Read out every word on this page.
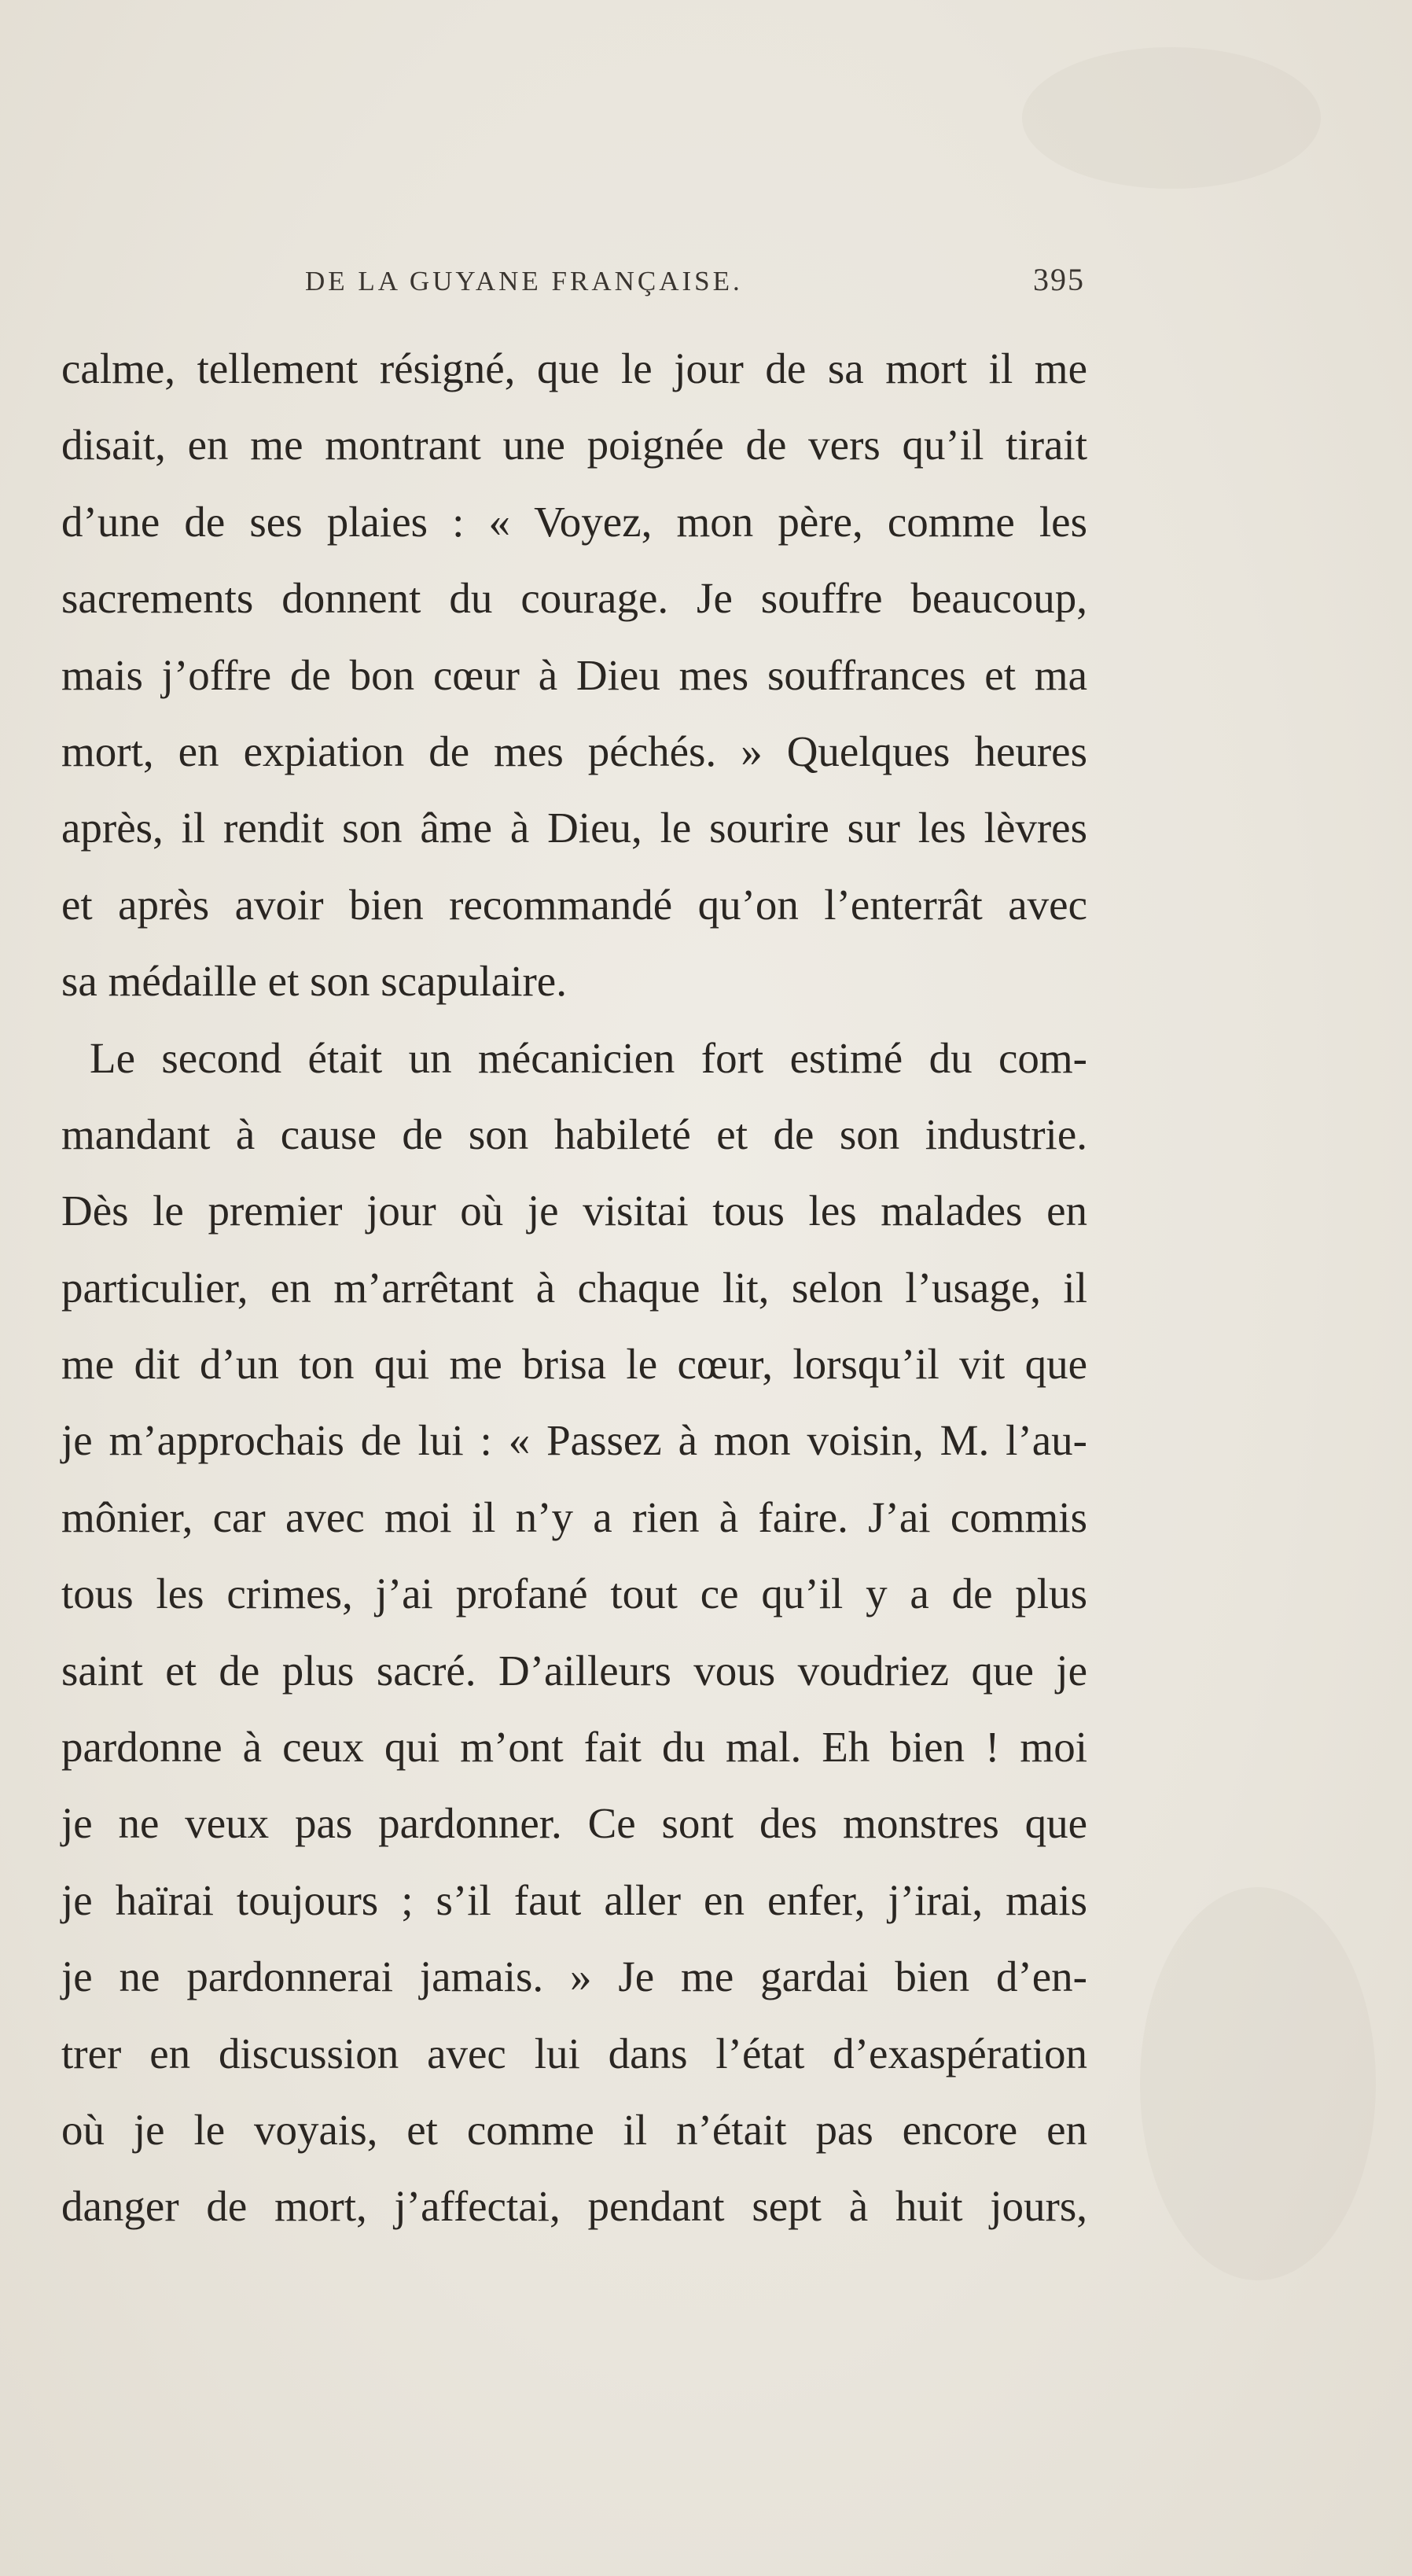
DE LA GUYANE FRANÇAISE.	395
calme, tellement résigné, que le jour de sa mort il me
disait, en me montrant une poignée de vers qu’il tirait
d’une de ses plaies : « Voyez, mon père, comme les
sacrements donnent du courage. Je souffre beaucoup,
mais j’offre de bon cœur à Dieu mes souffrances et ma
mort, en expiation de mes péchés. » Quelques heures
après, il rendit son âme à Dieu, le sourire sur les lèvres
et après avoir bien recommandé qu’on l’enterrât avec
sa médaille et son scapulaire.
Le second était un mécanicien fort estimé du com-
mandant à cause de son habileté et de son industrie.
Dès le premier jour où je visitai tous les malades en
particulier, en m’arrêtant à chaque lit, selon l’usage, il
me dit d’un ton qui me brisa le cœur, lorsqu’il vit que
je m’approchais de lui : « Passez à mon voisin, M. l’au-
mônier, car avec moi il n’y a rien à faire. J’ai commis
tous les crimes, j’ai profané tout ce qu’il y a de plus
saint et de plus sacré. D’ailleurs vous voudriez que je
pardonne à ceux qui m’ont fait du mal. Eh bien ! moi
je ne veux pas pardonner. Ce sont des monstres que
je haïrai toujours ; s’il faut aller en enfer, j’irai, mais
je ne pardonnerai jamais. » Je me gardai bien d’en-
trer en discussion avec lui dans l’état d’exaspération
où je le voyais, et comme il n’était pas encore en
danger de mort, j’affectai, pendant sept à huit jours,
